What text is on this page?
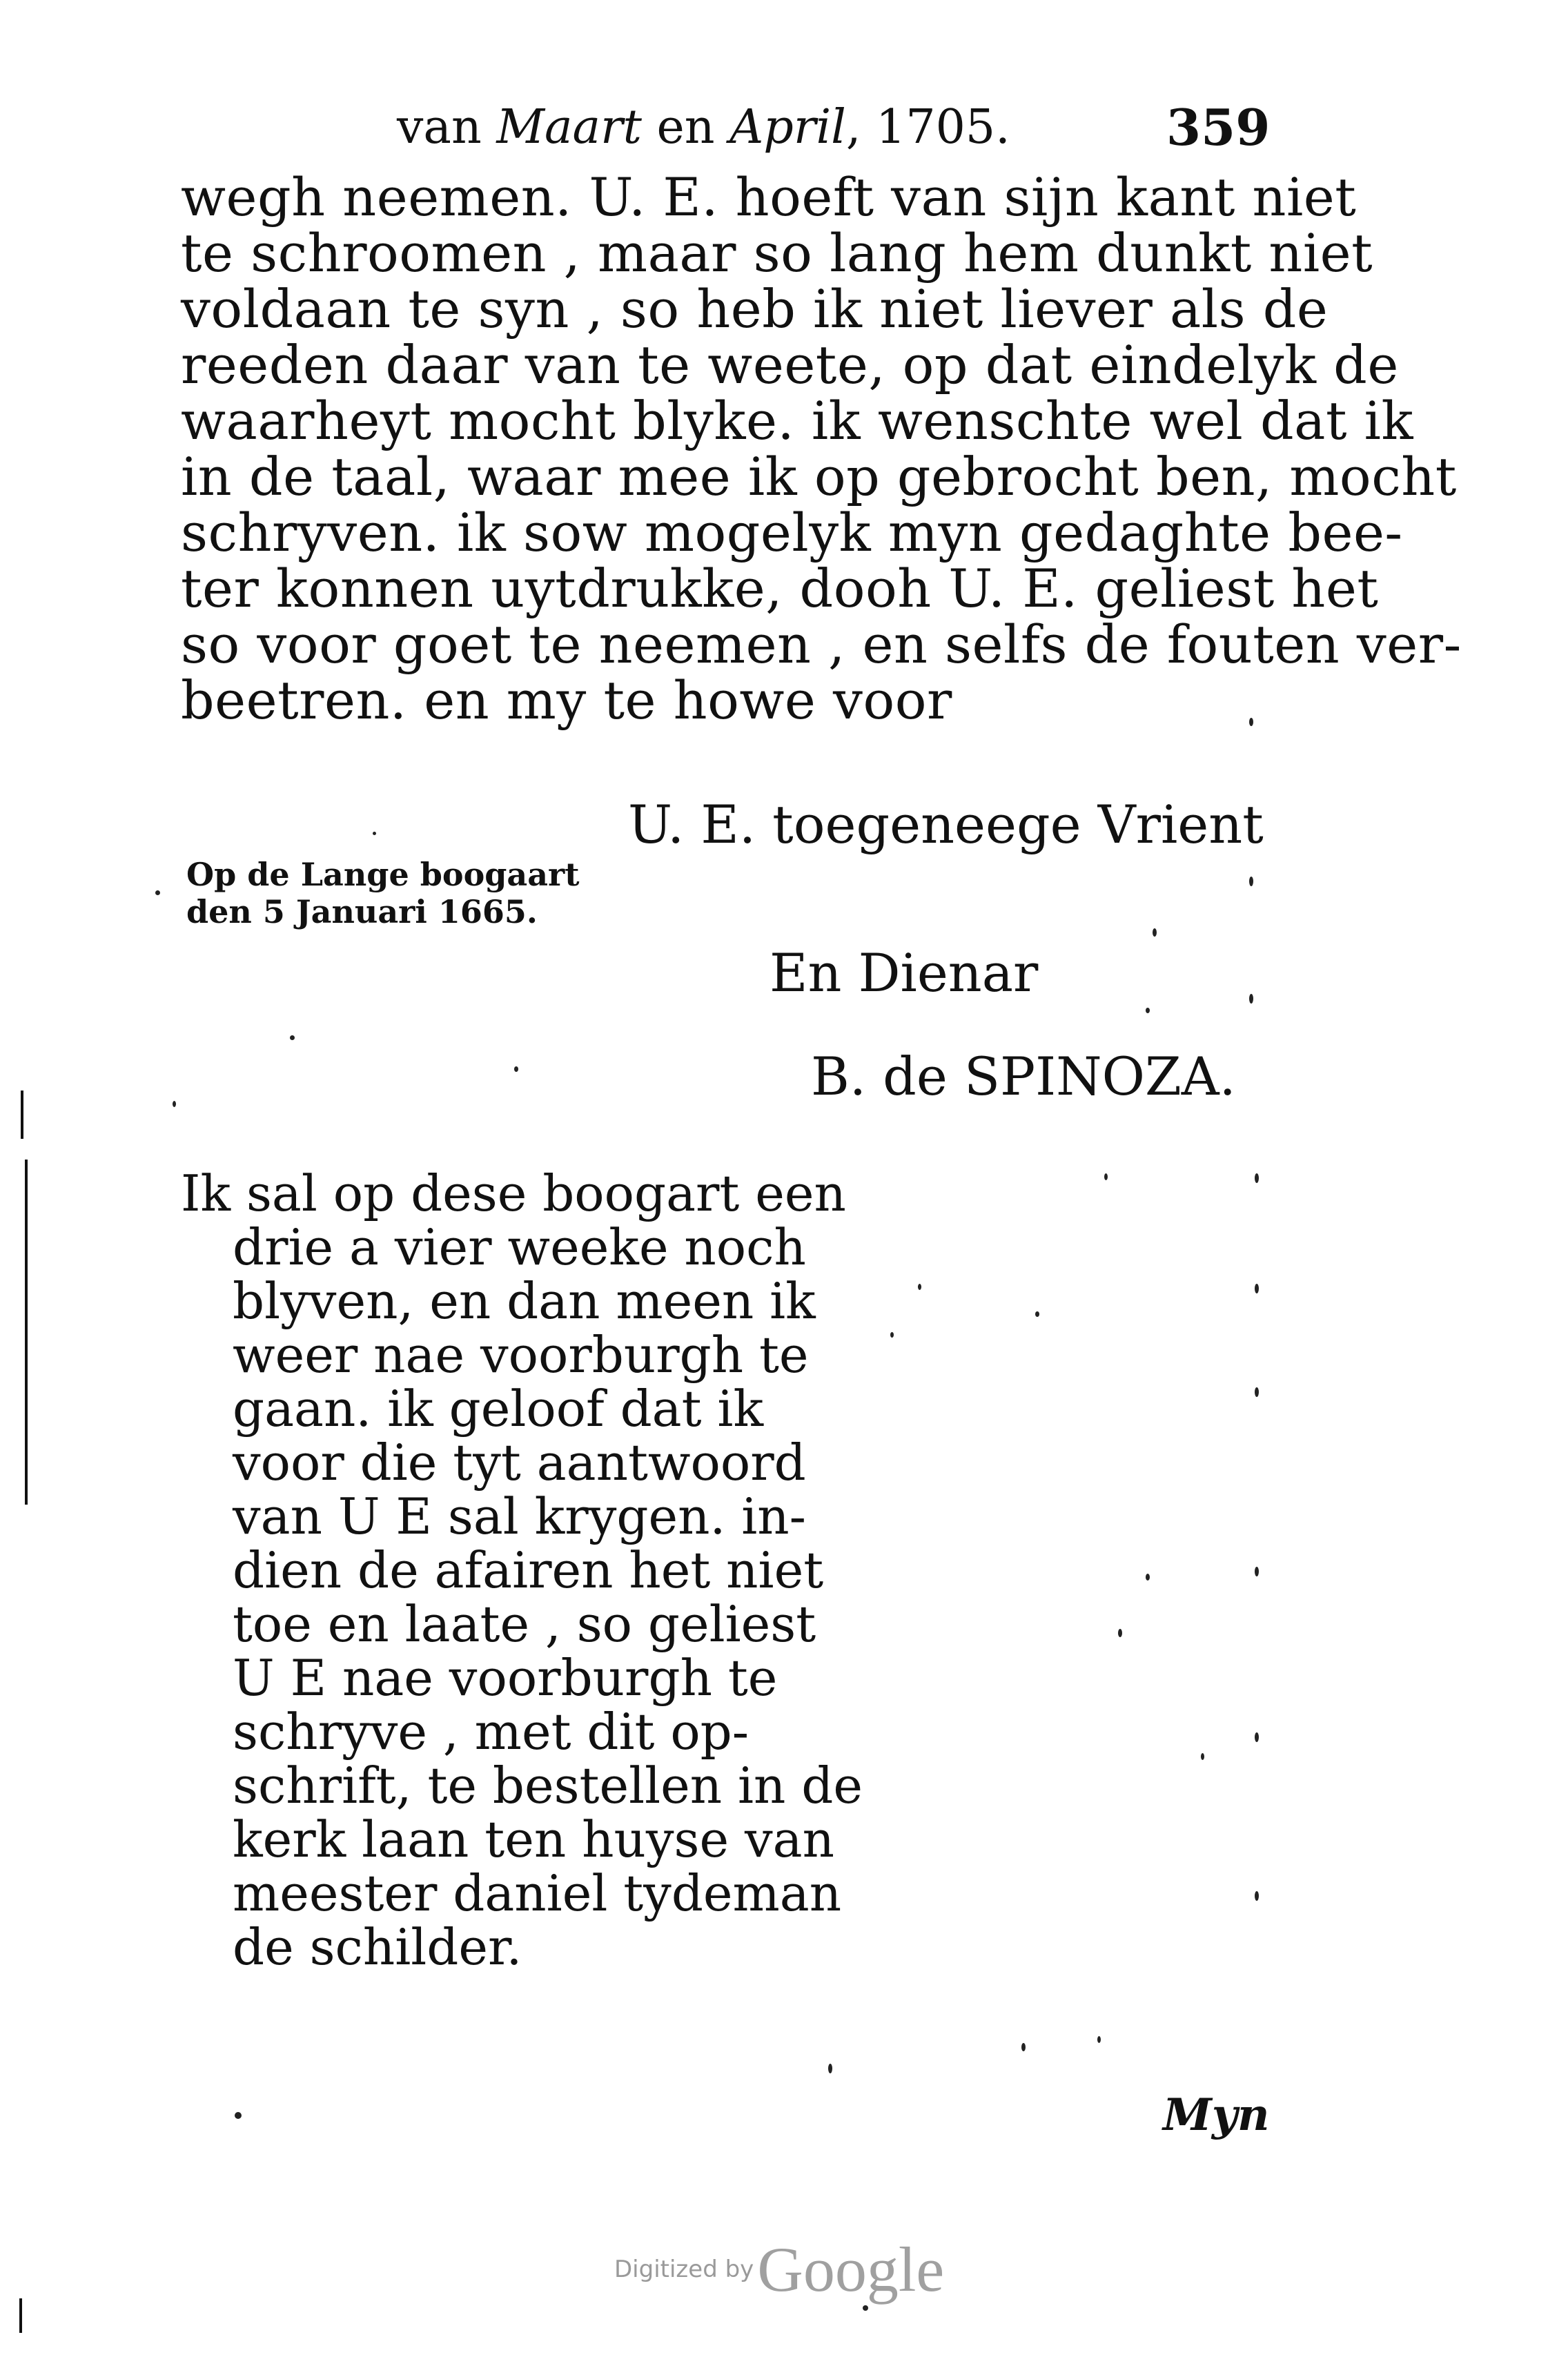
van Maart en April, 1705.	359
wegh neemen. U. E. hoeft van sijn kant niet
te schroomen , maar so lang hem dunkt niet
voldaan te syn , so heb ik niet liever als de
reeden daar van te weete, op dat eindelyk de
waarheyt mocht blyke. ik wenschte wel dat ik
in de taal, waar mee ik op gebrocht ben, mocht
schryven. ik sow mogelyk myn gedaghte bee-
ter konnen uytdrukke, dooh U. E. geliest het
so voor goet te neemen , en selfs de fouten ver-
beetren. en my te howe voor
U. E. toegeneege Vrient
Op de Lange boogaart
den 5 Januari 1665.
En Dienar
B. de SPINOZA.
Ik sal op dese boogart een
drie a vier weeke noch
blyven, en dan meen ik
weer nae voorburgh te
gaan. ik geloof dat ik
voor die tyt aantwoord
van U E sal krygen. in-
dien de afairen het niet
toe en laate , so geliest
U E nae voorburgh te
schryve , met dit op-
schrift, te bestellen in de
kerk laan ten huyse van
meester daniel tydeman
de schilder.
Myn
Digitized by Google
